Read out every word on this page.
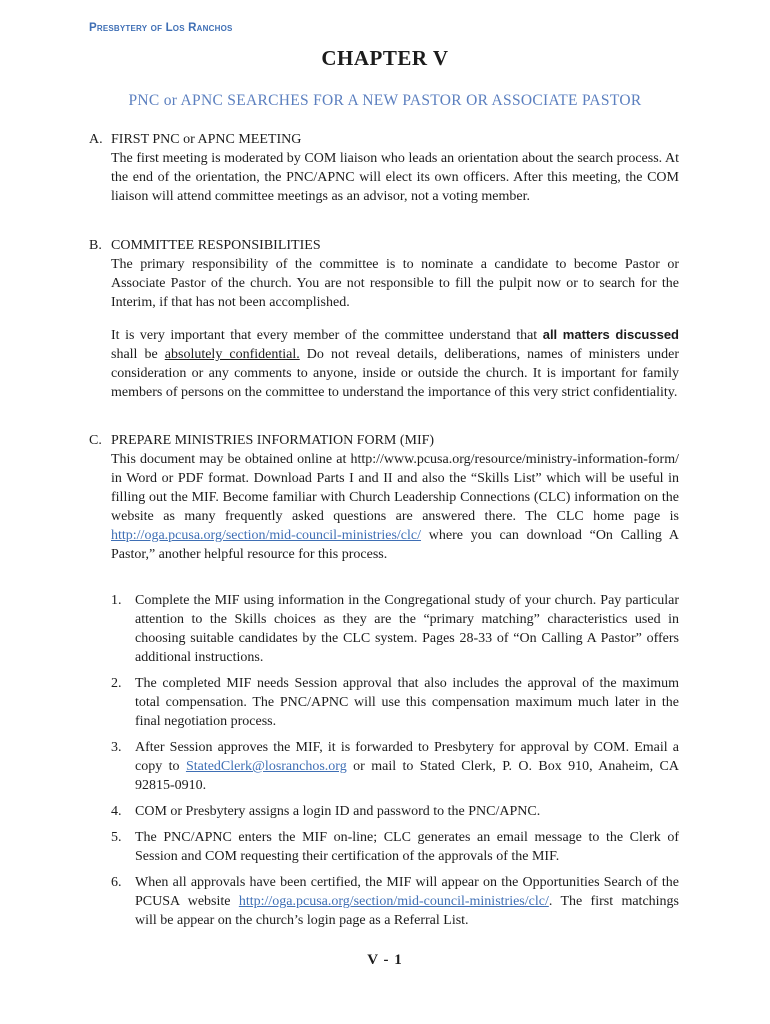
Presbytery of Los Ranchos
CHAPTER V
PNC or APNC SEARCHES FOR A NEW PASTOR OR ASSOCIATE PASTOR
A. FIRST PNC or APNC MEETING
The first meeting is moderated by COM liaison who leads an orientation about the search process. At the end of the orientation, the PNC/APNC will elect its own officers. After this meeting, the COM liaison will attend committee meetings as an advisor, not a voting member.
B. COMMITTEE RESPONSIBILITIES
The primary responsibility of the committee is to nominate a candidate to become Pastor or Associate Pastor of the church. You are not responsible to fill the pulpit now or to search for the Interim, if that has not been accomplished.
It is very important that every member of the committee understand that all matters discussed shall be absolutely confidential. Do not reveal details, deliberations, names of ministers under consideration or any comments to anyone, inside or outside the church. It is important for family members of persons on the committee to understand the importance of this very strict confidentiality.
C. PREPARE MINISTRIES INFORMATION FORM (MIF)
This document may be obtained online at http://www.pcusa.org/resource/ministry-information-form/ in Word or PDF format. Download Parts I and II and also the “Skills List” which will be useful in filling out the MIF. Become familiar with Church Leadership Connections (CLC) information on the website as many frequently asked questions are answered there. The CLC home page is http://oga.pcusa.org/section/mid-council-ministries/clc/ where you can download “On Calling A Pastor,” another helpful resource for this process.
1. Complete the MIF using information in the Congregational study of your church. Pay particular attention to the Skills choices as they are the “primary matching” characteristics used in choosing suitable candidates by the CLC system. Pages 28-33 of “On Calling A Pastor” offers additional instructions.
2. The completed MIF needs Session approval that also includes the approval of the maximum total compensation. The PNC/APNC will use this compensation maximum much later in the final negotiation process.
3. After Session approves the MIF, it is forwarded to Presbytery for approval by COM. Email a copy to StatedClerk@losranchos.org or mail to Stated Clerk, P. O. Box 910, Anaheim, CA 92815-0910.
4. COM or Presbytery assigns a login ID and password to the PNC/APNC.
5. The PNC/APNC enters the MIF on-line; CLC generates an email message to the Clerk of Session and COM requesting their certification of the approvals of the MIF.
6. When all approvals have been certified, the MIF will appear on the Opportunities Search of the PCUSA website http://oga.pcusa.org/section/mid-council-ministries/clc/. The first matchings will be appear on the church’s login page as a Referral List.
V - 1
